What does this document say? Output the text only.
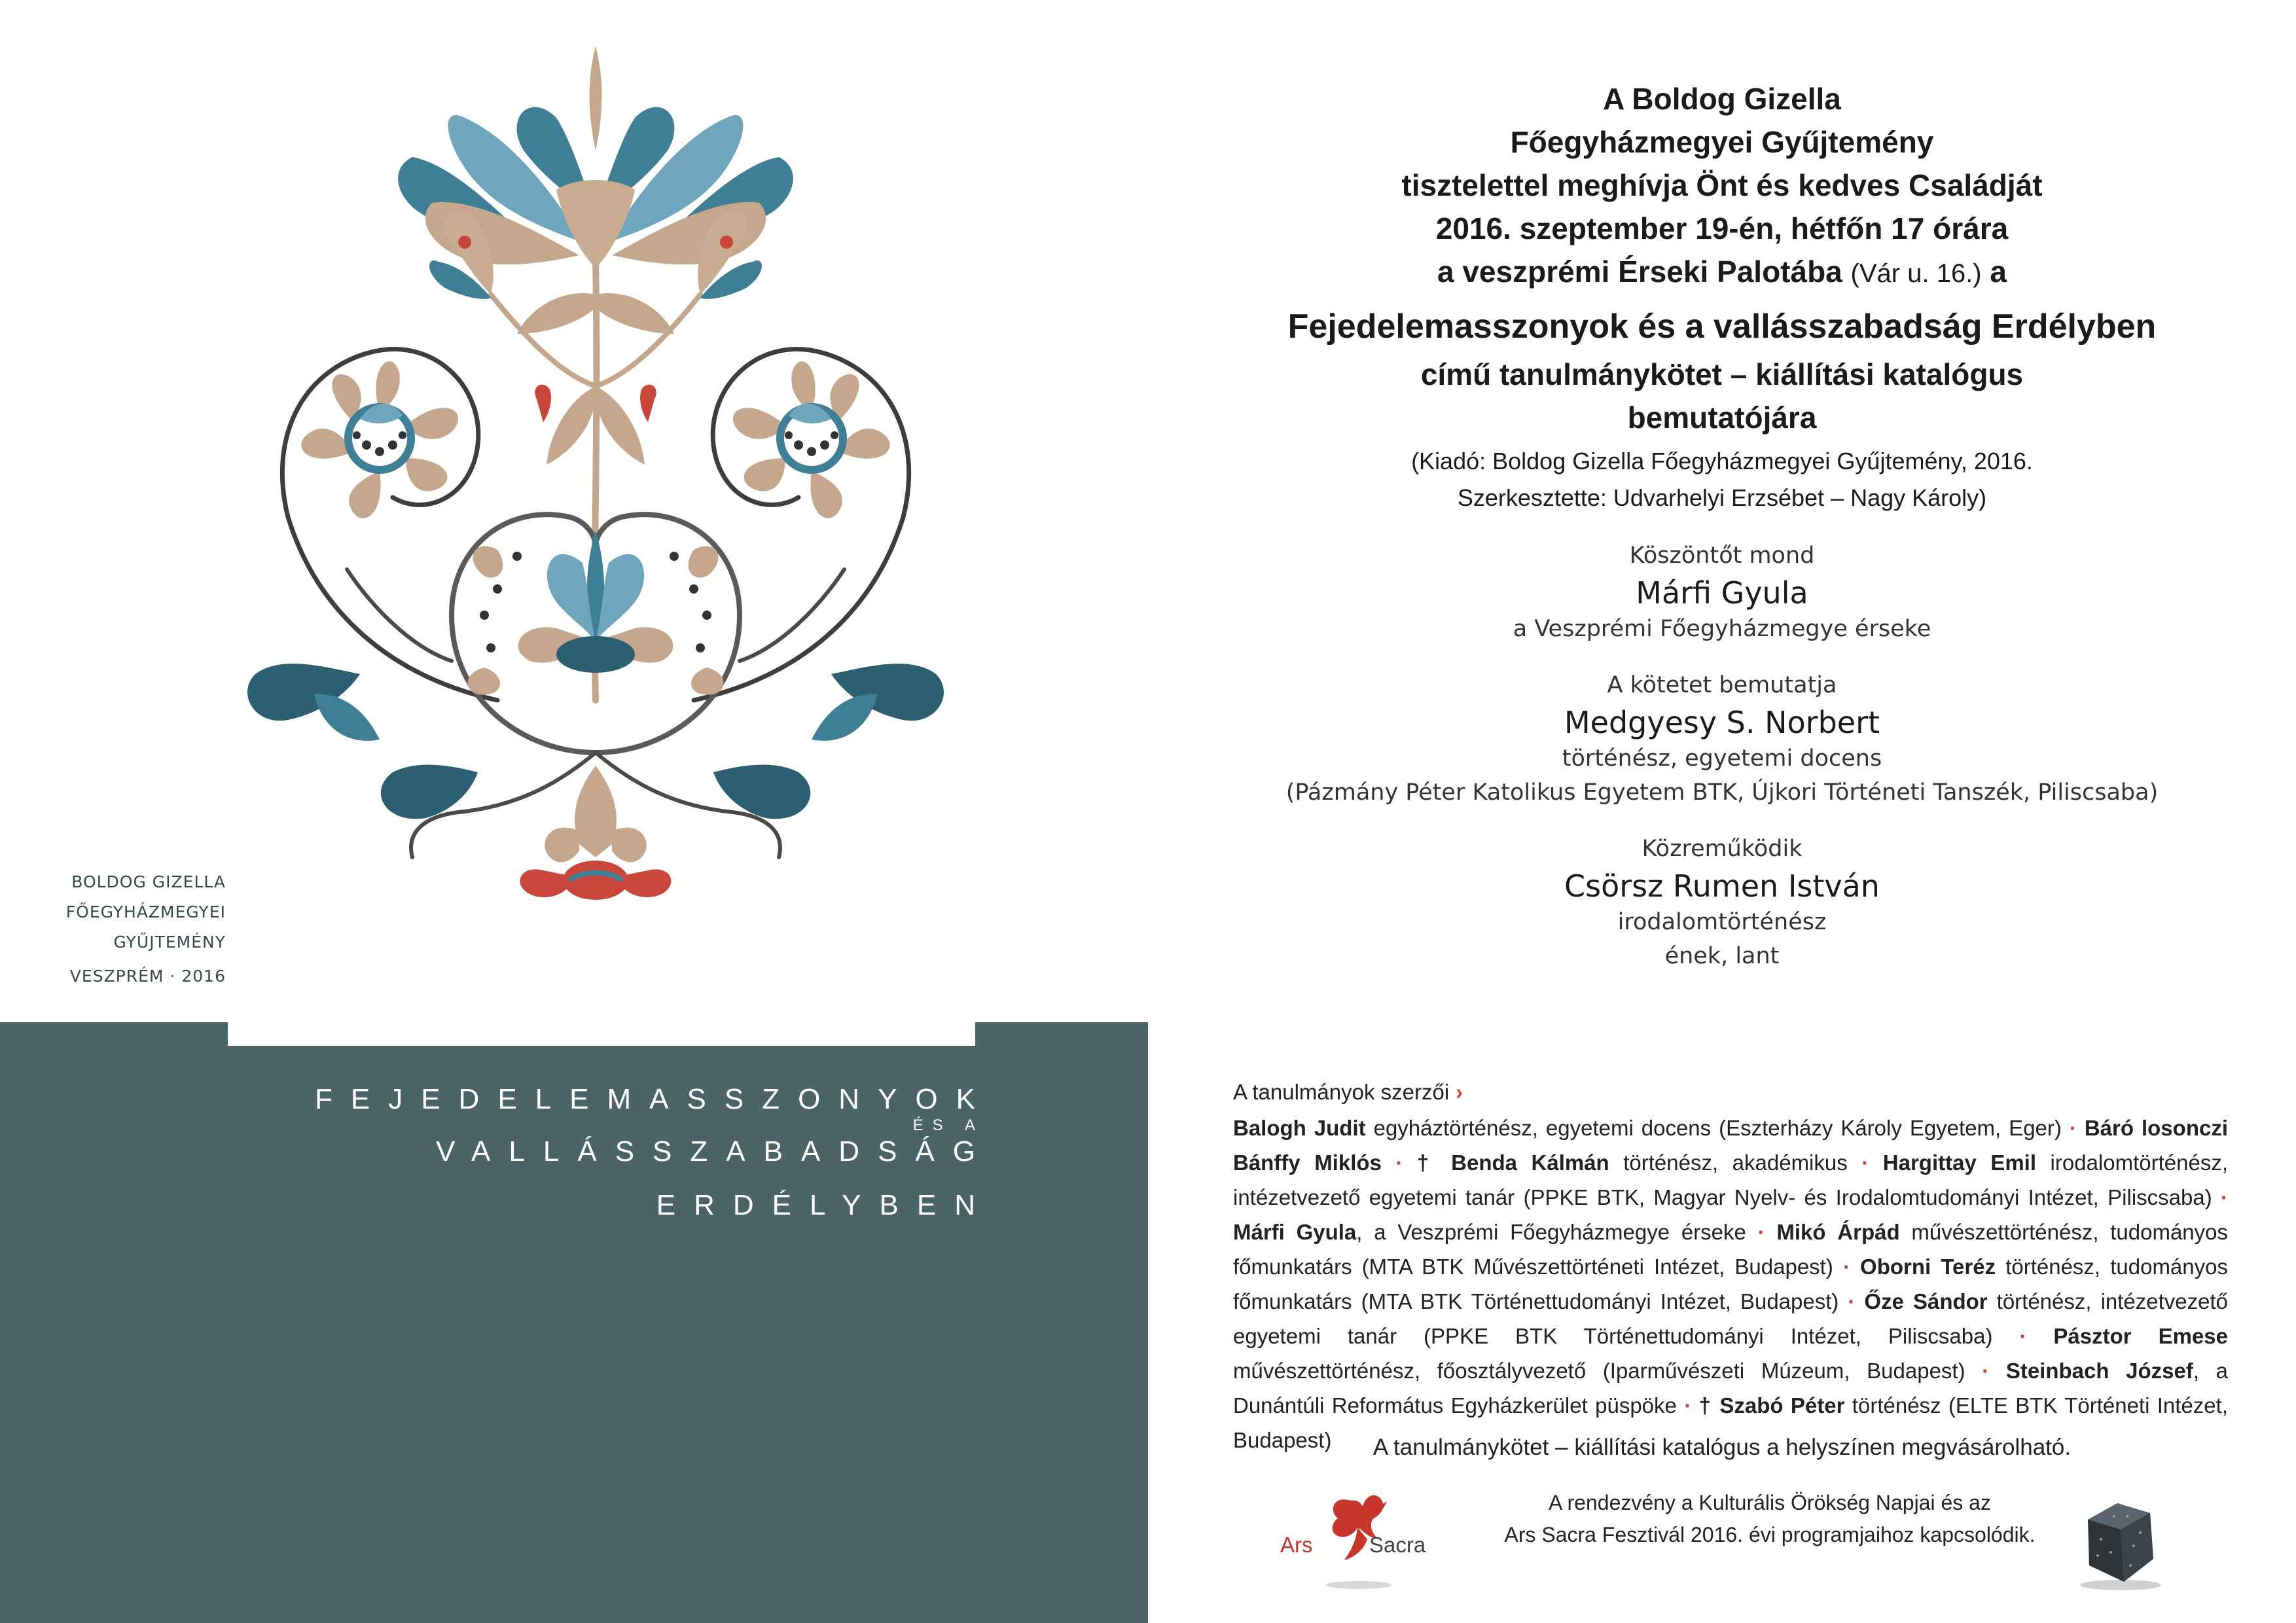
BOLDOG GIZELLA
FŐEGYHÁZMEGYEI
GYŰJTEMÉNY
VESZPRÉM · 2016
FEJEDELEMASSZONYOK
ÉS A
VALLÁSSZABADSÁG
ERDÉLYBEN
A Boldog Gizella
Főegyházmegyei Gyűjtemény
tisztelettel meghívja Önt és kedves Családját
2016. szeptember 19-én, hétfőn 17 órára
a veszprémi Érseki Palotába (Vár u. 16.) a
Fejedelemasszonyok és a vallásszabadság Erdélyben
című tanulmánykötet – kiállítási katalógus
bemutatójára
(Kiadó: Boldog Gizella Főegyházmegyei Gyűjtemény, 2016.
Szerkesztette: Udvarhelyi Erzsébet – Nagy Károly)
Köszöntőt mond
Márfi Gyula
a Veszprémi Főegyházmegye érseke
A kötetet bemutatja
Medgyesy S. Norbert
történész, egyetemi docens
(Pázmány Péter Katolikus Egyetem BTK, Újkori Történeti Tanszék, Piliscsaba)
Közreműködik
Csörsz Rumen István
irodalomtörténész
ének, lant
A tanulmányok szerzői ›
Balogh Judit egyháztörténész, egyetemi docens (Eszterházy Károly Egyetem, Eger) · Báró losonczi Bánffy Miklós · † Benda Kálmán történész, akadémikus · Hargittay Emil irodalomtörténész, intézetvezető egyetemi tanár (PPKE BTK, Magyar Nyelv- és Irodalomtudományi Intézet, Piliscsaba) · Márfi Gyula, a Veszprémi Főegyházmegye érseke · Mikó Árpád művészettörténész, tudományos főmunkatárs (MTA BTK Művészettörténeti Intézet, Budapest) · Oborni Teréz történész, tudományos főmunkatárs (MTA BTK Történettudományi Intézet, Budapest) · Őze Sándor történész, intézetvezető egyetemi tanár (PPKE BTK Történettudományi Intézet, Piliscsaba) · Pásztor Emese művészettörténész, főosztályvezető (Iparművészeti Múzeum, Budapest) · Steinbach József, a Dunántúli Református Egyházkerület püspöke · † Szabó Péter történész (ELTE BTK Történeti Intézet, Budapest)	A tanulmánykötet – kiállítási katalógus a helyszínen megvásárolható.
Ars	Sacra
A rendezvény a Kulturális Örökség Napjai és az
Ars Sacra Fesztivál 2016. évi programjaihoz kapcsolódik.
